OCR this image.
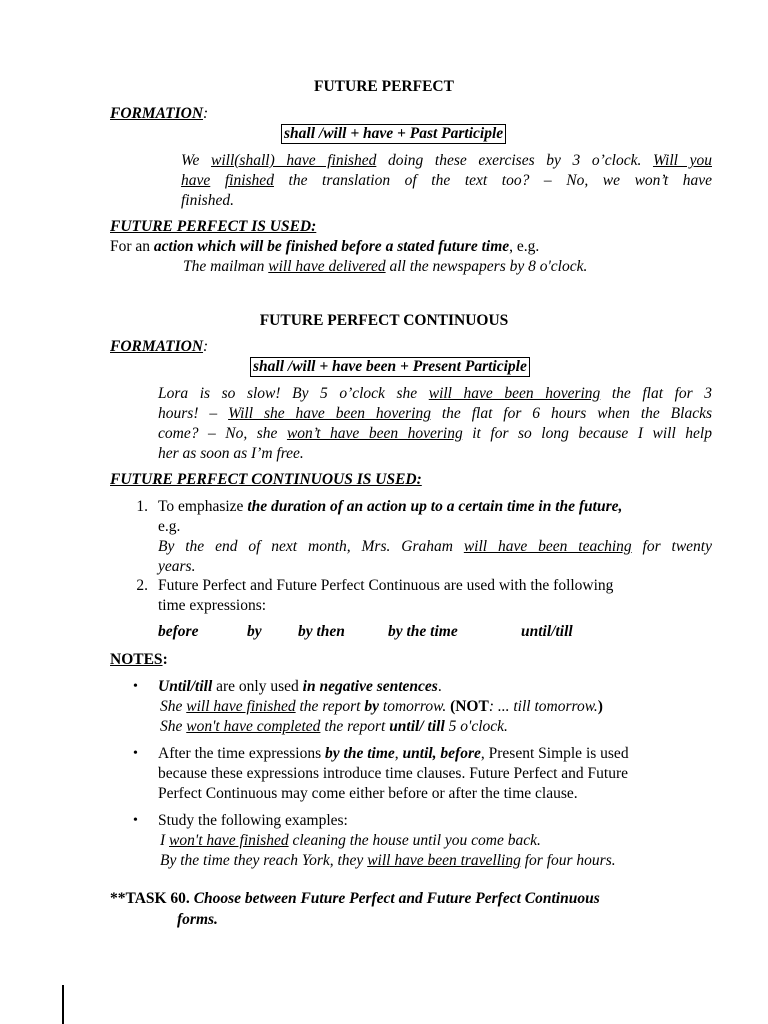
FUTURE PERFECT
FORMATION:
shall /will + have + Past Participle
We will(shall) have finished doing these exercises by 3 o’clock. Will you
have finished the translation of the text too? – No, we won’t have
finished.
FUTURE PERFECT IS USED:
For an action which will be finished before a stated future time, e.g.
The mailman will have delivered all the newspapers by 8 o'clock.
FUTURE PERFECT CONTINUOUS
FORMATION:
shall /will + have been + Present Participle
Lora is so slow! By 5 o’clock she will have been hovering the flat for 3
hours! – Will she have been hovering the flat for 6 hours when the Blacks
come? – No, she won’t have been hovering it for so long because I will help
her as soon as I’m free.
FUTURE PERFECT CONTINUOUS IS USED:
1. To emphasize the duration of an action up to a certain time in the future,
e.g.
By the end of next month, Mrs. Graham will have been teaching for twenty
years.
2. Future Perfect and Future Perfect Continuous are used with the following
time expressions:
before	by by then	by the time	until/till
NOTES:
• Until/till are only used in negative sentences.
She will have finished the report by tomorrow. (NOT: ... till tomorrow.)
She won't have completed the report until/ till 5 o'clock.
• After the time expressions by the time, until, before, Present Simple is used
because these expressions introduce time clauses. Future Perfect and Future
Perfect Continuous may come either before or after the time clause.
• Study the following examples:
I won't have finished cleaning the house until you come back.
By the time they reach York, they will have been travelling for four hours.
**TASK 60. Choose between Future Perfect and Future Perfect Continuous
forms.
